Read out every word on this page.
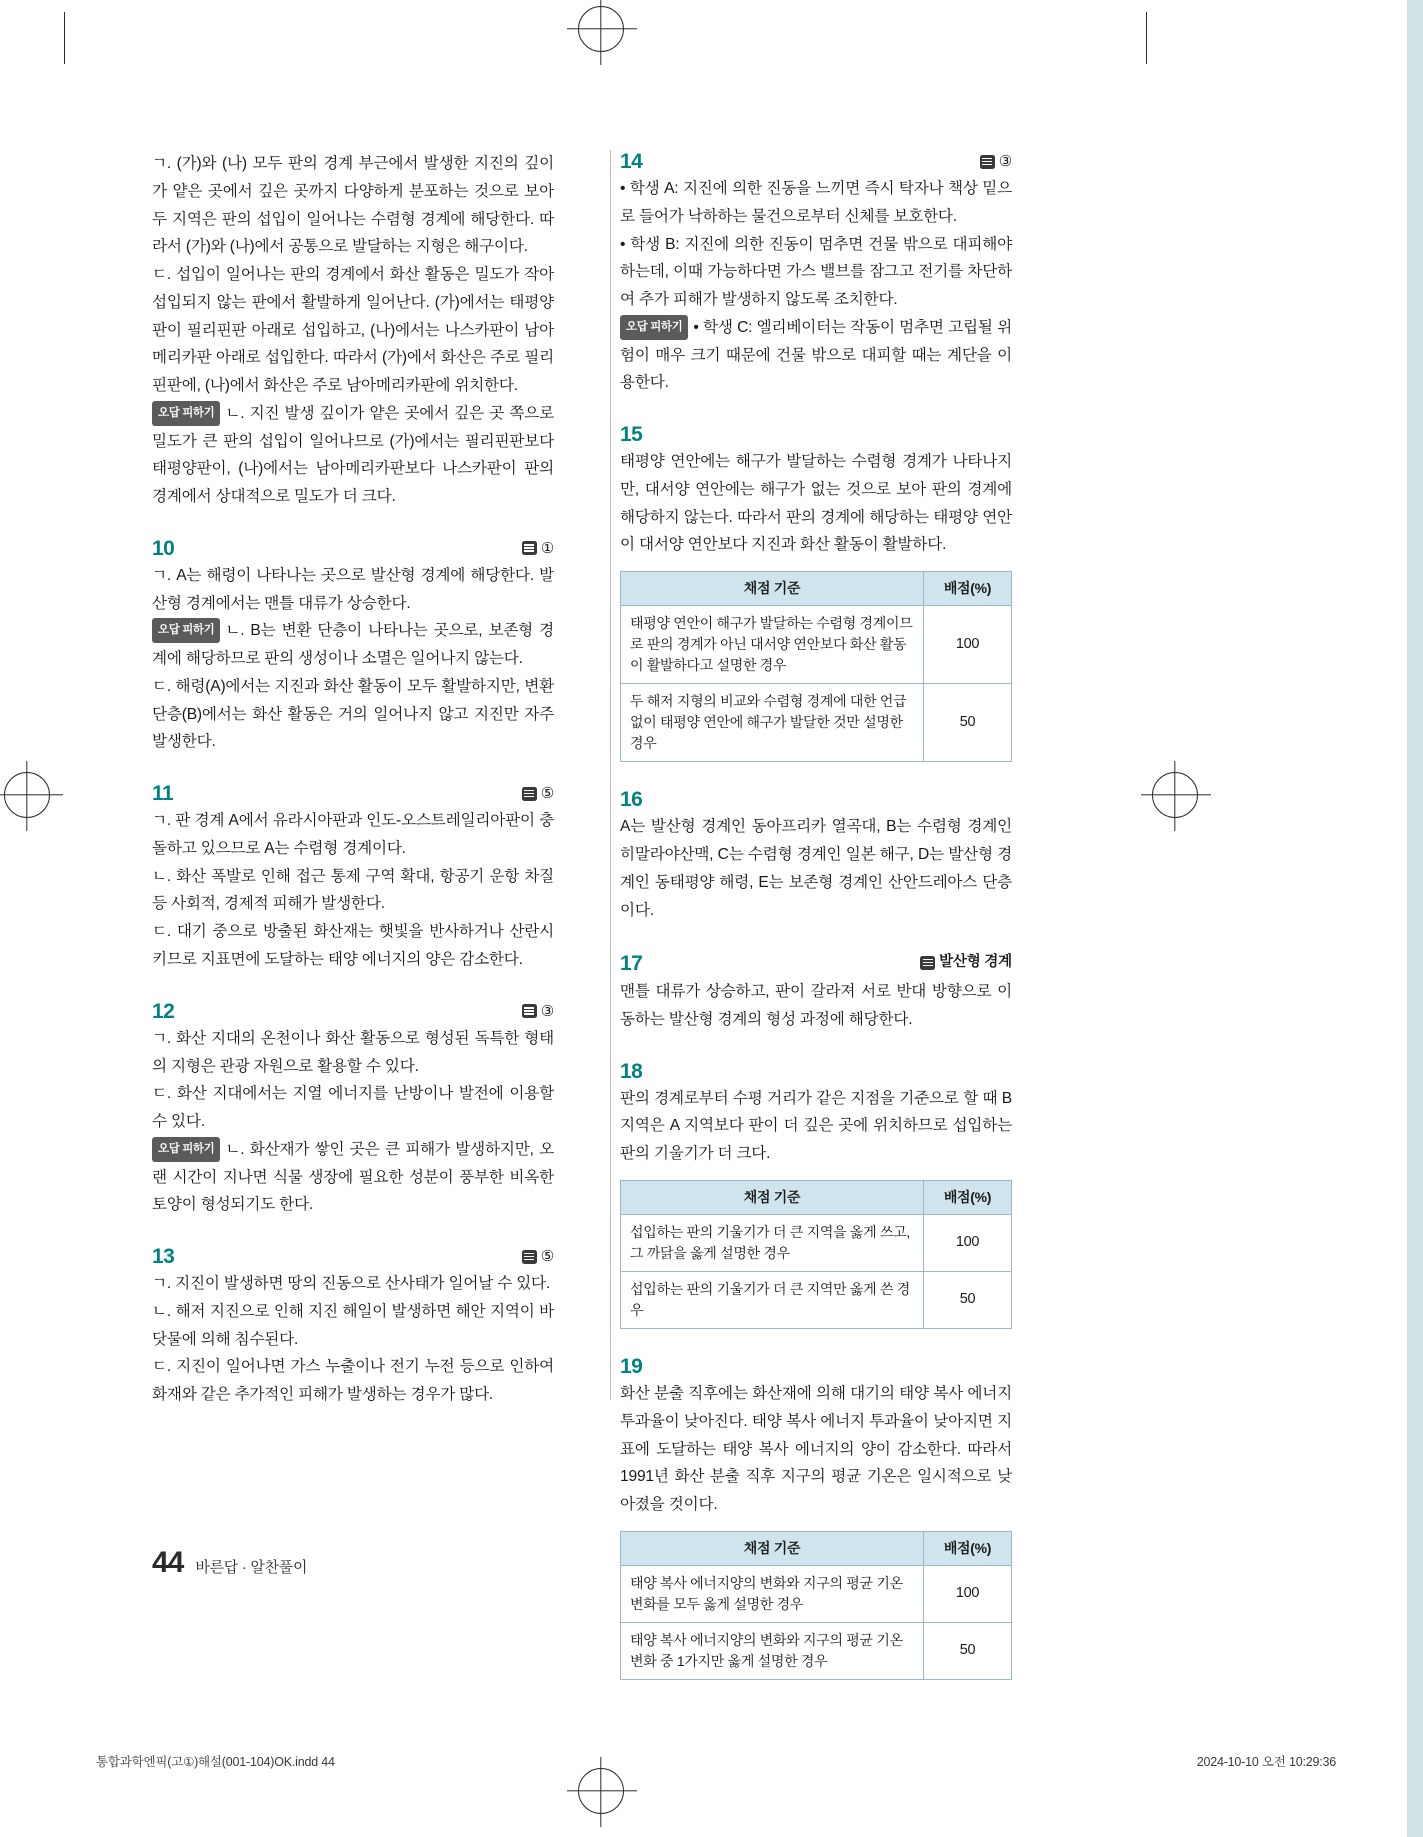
ㄱ. (가)와 (나) 모두 판의 경계 부근에서 발생한 지진의 깊이가 얕은 곳에서 깊은 곳까지 다양하게 분포하는 것으로 보아 두 지역은 판의 섭입이 일어나는 수렴형 경계에 해당한다. 따라서 (가)와 (나)에서 공통으로 발달하는 지형은 해구이다.

ㄷ. 섭입이 일어나는 판의 경계에서 화산 활동은 밀도가 작아 섭입되지 않는 판에서 활발하게 일어난다. (가)에서는 태평양판이 필리핀판 아래로 섭입하고, (나)에서는 나스카판이 남아메리카판 아래로 섭입한다. 따라서 (가)에서 화산은 주로 필리핀판에, (나)에서 화산은 주로 남아메리카판에 위치한다.

오답 피하기 ㄴ. 지진 발생 깊이가 얕은 곳에서 깊은 곳 쪽으로 밀도가 큰 판의 섭입이 일어나므로 (가)에서는 필리핀판보다 태평양판이, (나)에서는 남아메리카판보다 나스카판이 판의 경계에서 상대적으로 밀도가 더 크다.

10	①

ㄱ. A는 해령이 나타나는 곳으로 발산형 경계에 해당한다. 발산형 경계에서는 맨틀 대류가 상승한다.

오답 피하기 ㄴ. B는 변환 단층이 나타나는 곳으로, 보존형 경계에 해당하므로 판의 생성이나 소멸은 일어나지 않는다.

ㄷ. 해령(A)에서는 지진과 화산 활동이 모두 활발하지만, 변환 단층(B)에서는 화산 활동은 거의 일어나지 않고 지진만 자주 발생한다.

11	⑤

ㄱ. 판 경계 A에서 유라시아판과 인도-오스트레일리아판이 충돌하고 있으므로 A는 수렴형 경계이다.

ㄴ. 화산 폭발로 인해 접근 통제 구역 확대, 항공기 운항 차질 등 사회적, 경제적 피해가 발생한다.

ㄷ. 대기 중으로 방출된 화산재는 햇빛을 반사하거나 산란시키므로 지표면에 도달하는 태양 에너지의 양은 감소한다.

12	③

ㄱ. 화산 지대의 온천이나 화산 활동으로 형성된 독특한 형태의 지형은 관광 자원으로 활용할 수 있다.

ㄷ. 화산 지대에서는 지열 에너지를 난방이나 발전에 이용할 수 있다.

오답 피하기 ㄴ. 화산재가 쌓인 곳은 큰 피해가 발생하지만, 오랜 시간이 지나면 식물 생장에 필요한 성분이 풍부한 비옥한 토양이 형성되기도 한다.

13	⑤

ㄱ. 지진이 발생하면 땅의 진동으로 산사태가 일어날 수 있다.

ㄴ. 해저 지진으로 인해 지진 해일이 발생하면 해안 지역이 바닷물에 의해 침수된다.

ㄷ. 지진이 일어나면 가스 누출이나 전기 누전 등으로 인하여 화재와 같은 추가적인 피해가 발생하는 경우가 많다.

14	③

• 학생 A: 지진에 의한 진동을 느끼면 즉시 탁자나 책상 밑으로 들어가 낙하하는 물건으로부터 신체를 보호한다.

• 학생 B: 지진에 의한 진동이 멈추면 건물 밖으로 대피해야 하는데, 이때 가능하다면 가스 밸브를 잠그고 전기를 차단하여 추가 피해가 발생하지 않도록 조치한다.

오답 피하기 • 학생 C: 엘리베이터는 작동이 멈추면 고립될 위험이 매우 크기 때문에 건물 밖으로 대피할 때는 계단을 이용한다.

15

태평양 연안에는 해구가 발달하는 수렴형 경계가 나타나지만, 대서양 연안에는 해구가 없는 것으로 보아 판의 경계에 해당하지 않는다. 따라서 판의 경계에 해당하는 태평양 연안이 대서양 연안보다 지진과 화산 활동이 활발하다.

채점 기준	배점(%)
태평양 연안이 해구가 발달하는 수렴형 경계이므로 판의 경계가 아닌 대서양 연안보다 화산 활동이 활발하다고 설명한 경우	100
두 해저 지형의 비교와 수렴형 경계에 대한 언급 없이 태평양 연안에 해구가 발달한 것만 설명한 경우	50
16

A는 발산형 경계인 동아프리카 열곡대, B는 수렴형 경계인 히말라야산맥, C는 수렴형 경계인 일본 해구, D는 발산형 경계인 동태평양 해령, E는 보존형 경계인 산안드레아스 단층이다.

17	발산형 경계

맨틀 대류가 상승하고, 판이 갈라져 서로 반대 방향으로 이동하는 발산형 경계의 형성 과정에 해당한다.

18

판의 경계로부터 수평 거리가 같은 지점을 기준으로 할 때 B 지역은 A 지역보다 판이 더 깊은 곳에 위치하므로 섭입하는 판의 기울기가 더 크다.

채점 기준	배점(%)
섭입하는 판의 기울기가 더 큰 지역을 옳게 쓰고, 그 까닭을 옳게 설명한 경우	100
섭입하는 판의 기울기가 더 큰 지역만 옳게 쓴 경우	50
19

화산 분출 직후에는 화산재에 의해 대기의 태양 복사 에너지 투과율이 낮아진다. 태양 복사 에너지 투과율이 낮아지면 지표에 도달하는 태양 복사 에너지의 양이 감소한다. 따라서 1991년 화산 분출 직후 지구의 평균 기온은 일시적으로 낮아졌을 것이다.

채점 기준	배점(%)
태양 복사 에너지양의 변화와 지구의 평균 기온 변화를 모두 옳게 설명한 경우	100
태양 복사 에너지양의 변화와 지구의 평균 기온 변화 중 1가지만 옳게 설명한 경우	50
44 바른답 · 알찬풀이
통합과학엔픽(고①)해설(001-104)OK.indd 44	2024-10-10 오전 10:29:36
